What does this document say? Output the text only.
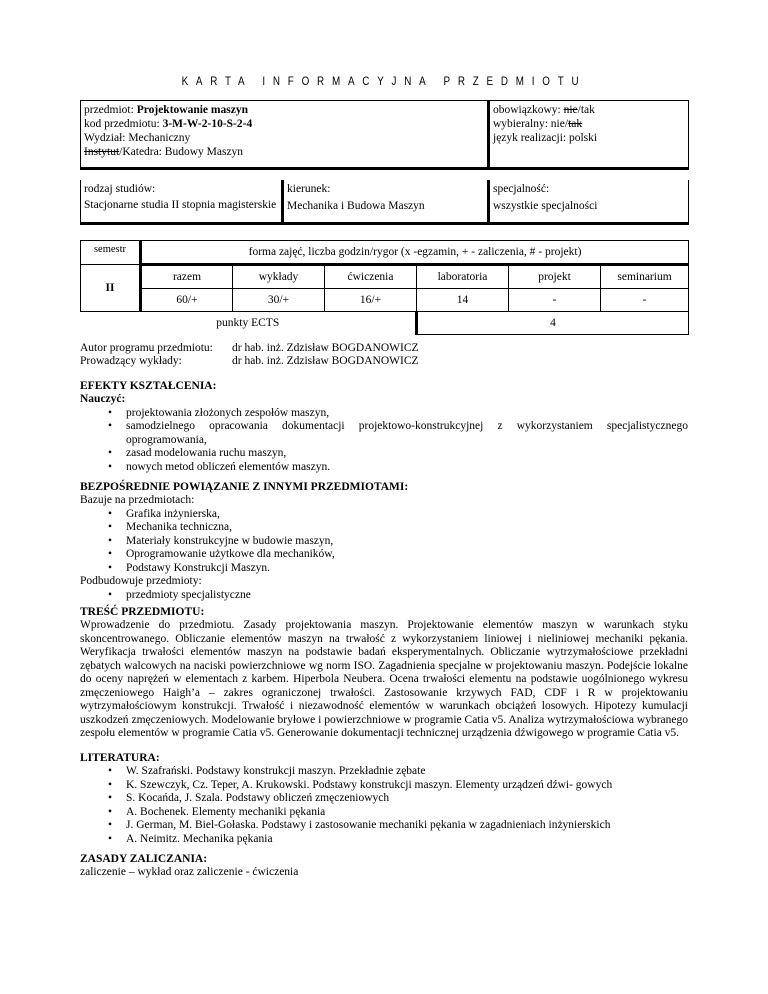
KARTA INFORMACYJNA PRZEDMIOTU
przedmiot: Projektowanie maszyn
kod przedmiotu: 3-M-W-2-10-S-2-4
Wydział: Mechaniczny
Instytut/Katedra: Budowy Maszyn

obowiązkowy: nie/tak
wybieralny: nie/tak
język realizacji: polski
rodzaj studiów:
Stacjonarne studia II stopnia magisterskie

kierunek:
Mechanika i Budowa Maszyn

specjalność:
wszystkie specjalności
semestr	forma zajęć, liczba godzin/rygor (x -egzamin, + - zaliczenia, # - projekt)					
II	razem	wykłady	ćwiczenia	laboratoria	projekt	seminarium
	60/+	30/+	16/+	14	-	-
punkty ECTS				4		
Autor programu przedmiotu: dr hab. inż. Zdzisław BOGDANOWICZ
Prowadzący wykłady:	dr hab. inż. Zdzisław BOGDANOWICZ
EFEKTY KSZTAŁCENIA:
Nauczyć:
• projektowania złożonych zespołów maszyn,
• samodzielnego opracowania dokumentacji projektowo-konstrukcyjnej z wykorzystaniem specjalistycznego oprogramowania,
• zasad modelowania ruchu maszyn,
• nowych metod obliczeń elementów maszyn.
BEZPOŚREDNIE POWIĄZANIE Z INNYMI PRZEDMIOTAMI:
Bazuje na przedmiotach:
• Grafika inżynierska,
• Mechanika techniczna,
• Materiały konstrukcyjne w budowie maszyn,
• Oprogramowanie użytkowe dla mechaników,
• Podstawy Konstrukcji Maszyn.
Podbudowuje przedmioty:
• przedmioty specjalistyczne
TREŚĆ PRZEDMIOTU:
Wprowadzenie do przedmiotu. Zasady projektowania maszyn. Projektowanie elementów maszyn w warunkach styku skoncentrowanego. Obliczanie elementów maszyn na trwałość z wykorzystaniem liniowej i nieliniowej mechaniki pękania. Weryfikacja trwałości elementów maszyn na podstawie badań eksperymentalnych. Obliczanie wytrzymałościowe przekładni zębatych walcowych na naciski powierzchniowe wg norm ISO. Zagadnienia specjalne w projektowaniu maszyn. Podejście lokalne do oceny naprężeń w elementach z karbem. Hiperbola Neubera. Ocena trwałości elementu na podstawie uogólnionego wykresu zmęczeniowego Haigh’a – zakres ograniczonej trwałości. Zastosowanie krzywych FAD, CDF i R w projektowaniu wytrzymałościowym konstrukcji. Trwałość i niezawodność elementów w warunkach obciążeń losowych. Hipotezy kumulacji uszkodzeń zmęczeniowych. Modelowanie bryłowe i powierzchniowe w programie Catia v5. Analiza wytrzymałościowa wybranego zespołu elementów w programie Catia v5. Generowanie dokumentacji technicznej urządzenia dźwigowego w programie Catia v5.
LITERATURA:
• W. Szafrański. Podstawy konstrukcji maszyn. Przekładnie zębate
• K. Szewczyk, Cz. Teper, A. Krukowski. Podstawy konstrukcji maszyn. Elementy urządzeń dźwi- gowych
• S. Kocańda, J. Szala. Podstawy obliczeń zmęczeniowych
• A. Bochenek. Elementy mechaniki pękania
• J. German, M. Biel-Gołaska. Podstawy i zastosowanie mechaniki pękania w zagadnieniach inżynierskich
• A. Neimitz. Mechanika pękania
ZASADY ZALICZANIA:
zaliczenie – wykład oraz zaliczenie - ćwiczenia
